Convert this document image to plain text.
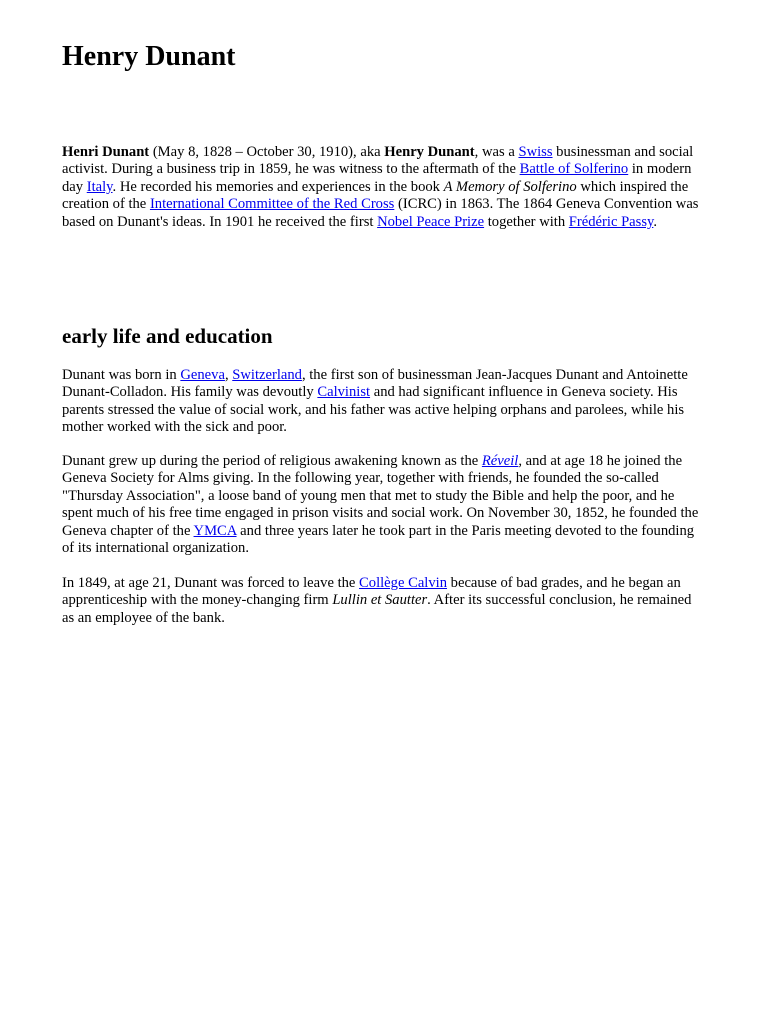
Henry Dunant

Henri Dunant (May 8, 1828 – October 30, 1910), aka Henry Dunant, was a Swiss businessman and social activist. During a business trip in 1859, he was witness to the aftermath of the Battle of Solferino in modern day Italy. He recorded his memories and experiences in the book A Memory of Solferino which inspired the creation of the International Committee of the Red Cross (ICRC) in 1863. The 1864 Geneva Convention was based on Dunant's ideas. In 1901 he received the first Nobel Peace Prize together with Frédéric Passy.

early life and education

Dunant was born in Geneva, Switzerland, the first son of businessman Jean-Jacques Dunant and Antoinette Dunant-Colladon. His family was devoutly Calvinist and had significant influence in Geneva society. His parents stressed the value of social work, and his father was active helping orphans and parolees, while his mother worked with the sick and poor.

Dunant grew up during the period of religious awakening known as the Réveil, and at age 18 he joined the Geneva Society for Alms giving. In the following year, together with friends, he founded the so-called "Thursday Association", a loose band of young men that met to study the Bible and help the poor, and he spent much of his free time engaged in prison visits and social work. On November 30, 1852, he founded the Geneva chapter of the YMCA and three years later he took part in the Paris meeting devoted to the founding of its international organization.

In 1849, at age 21, Dunant was forced to leave the Collège Calvin because of bad grades, and he began an apprenticeship with the money-changing firm Lullin et Sautter. After its successful conclusion, he remained as an employee of the bank.
